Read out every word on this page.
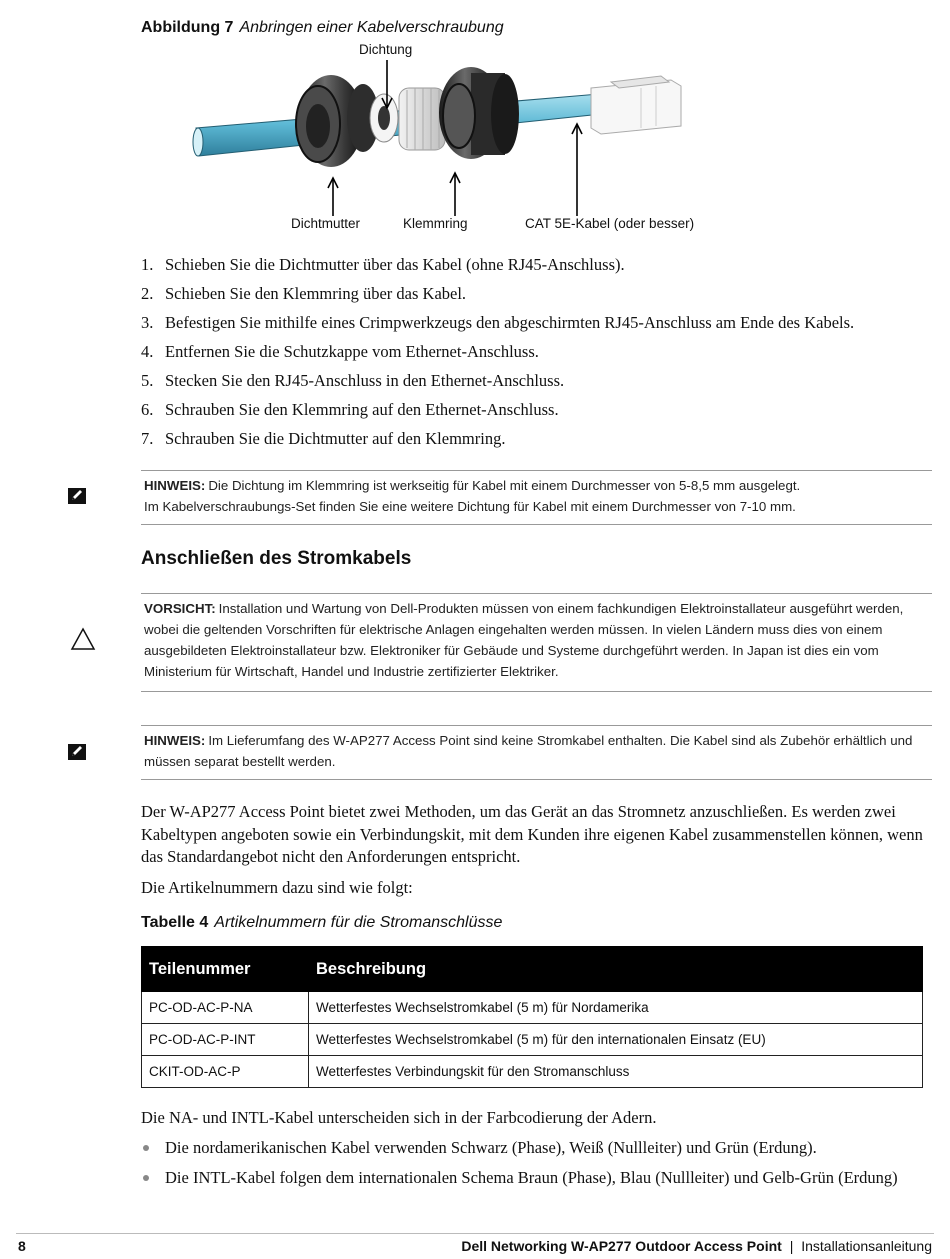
Abbildung 7 Anbringen einer Kabelverschraubung
Dichtung
Dichtmutter	Klemmring	CAT 5E-Kabel (oder besser)
1. Schieben Sie die Dichtmutter über das Kabel (ohne RJ45-Anschluss).
2. Schieben Sie den Klemmring über das Kabel.
3. Befestigen Sie mithilfe eines Crimpwerkzeugs den abgeschirmten RJ45-Anschluss am Ende des Kabels.
4. Entfernen Sie die Schutzkappe vom Ethernet-Anschluss.
5. Stecken Sie den RJ45-Anschluss in den Ethernet-Anschluss.
6. Schrauben Sie den Klemmring auf den Ethernet-Anschluss.
7. Schrauben Sie die Dichtmutter auf den Klemmring.
HINWEIS: Die Dichtung im Klemmring ist werkseitig für Kabel mit einem Durchmesser von 5-8,5 mm ausgelegt.
Im Kabelverschraubungs-Set finden Sie eine weitere Dichtung für Kabel mit einem Durchmesser von 7-10 mm.
Anschließen des Stromkabels
VORSICHT: Installation und Wartung von Dell-Produkten müssen von einem fachkundigen Elektroinstallateur ausgeführt werden, wobei die geltenden Vorschriften für elektrische Anlagen eingehalten werden müssen. In vielen Ländern muss dies von einem ausgebildeten Elektroinstallateur bzw. Elektroniker für Gebäude und Systeme durchgeführt werden. In Japan ist dies ein vom Ministerium für Wirtschaft, Handel und Industrie zertifizierter Elektriker.
HINWEIS: Im Lieferumfang des W-AP277 Access Point sind keine Stromkabel enthalten. Die Kabel sind als Zubehör erhältlich und müssen separat bestellt werden.
Der W-AP277 Access Point bietet zwei Methoden, um das Gerät an das Stromnetz anzuschließen. Es werden zwei Kabeltypen angeboten sowie ein Verbindungskit, mit dem Kunden ihre eigenen Kabel zusammenstellen können, wenn das Standardangebot nicht den Anforderungen entspricht.
Die Artikelnummern dazu sind wie folgt:
Tabelle 4 Artikelnummern für die Stromanschlüsse
Teilenummer	Beschreibung
PC-OD-AC-P-NA	Wetterfestes Wechselstromkabel (5 m) für Nordamerika
PC-OD-AC-P-INT	Wetterfestes Wechselstromkabel (5 m) für den internationalen Einsatz (EU)
CKIT-OD-AC-P	Wetterfestes Verbindungskit für den Stromanschluss
Die NA- und INTL-Kabel unterscheiden sich in der Farbcodierung der Adern.
Die nordamerikanischen Kabel verwenden Schwarz (Phase), Weiß (Nullleiter) und Grün (Erdung).
Die INTL-Kabel folgen dem internationalen Schema Braun (Phase), Blau (Nullleiter) und Gelb-Grün (Erdung)
8	Dell Networking W-AP277 Outdoor Access Point | Installationsanleitung
